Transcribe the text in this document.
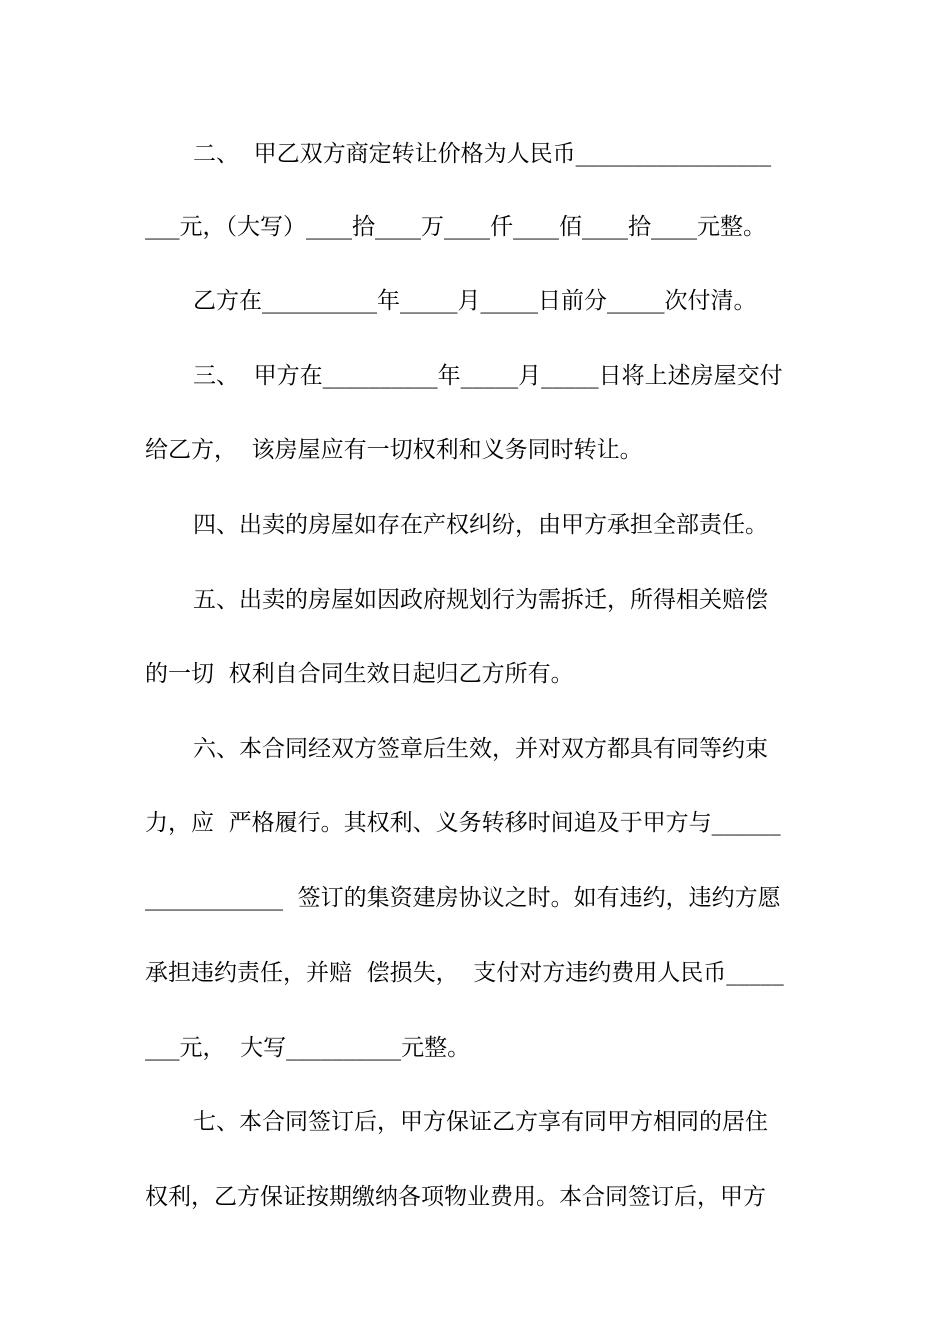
二、  甲乙双方商定转让价格为人民币_________________
___元，（大写）____拾____万____仟____佰____拾____元整。
乙方在__________年_____月_____日前分_____次付清。
三、  甲方在__________年_____月_____日将上述房屋交付
给乙方，  该房屋应有一切权利和义务同时转让。
四、出卖的房屋如存在产权纠纷，由甲方承担全部责任。
五、出卖的房屋如因政府规划行为需拆迁，所得相关赔偿
的一切  权利自合同生效日起归乙方所有。
六、本合同经双方签章后生效，并对双方都具有同等约束
力，应  严格履行。其权利、义务转移时间追及于甲方与______
____________  签订的集资建房协议之时。如有违约，违约方愿
承担违约责任，并赔  偿损失，  支付对方违约费用人民币_____
___元，  大写__________元整。
七、本合同签订后，甲方保证乙方享有同甲方相同的居住
权利，乙方保证按期缴纳各项物业费用。本合同签订后，甲方
